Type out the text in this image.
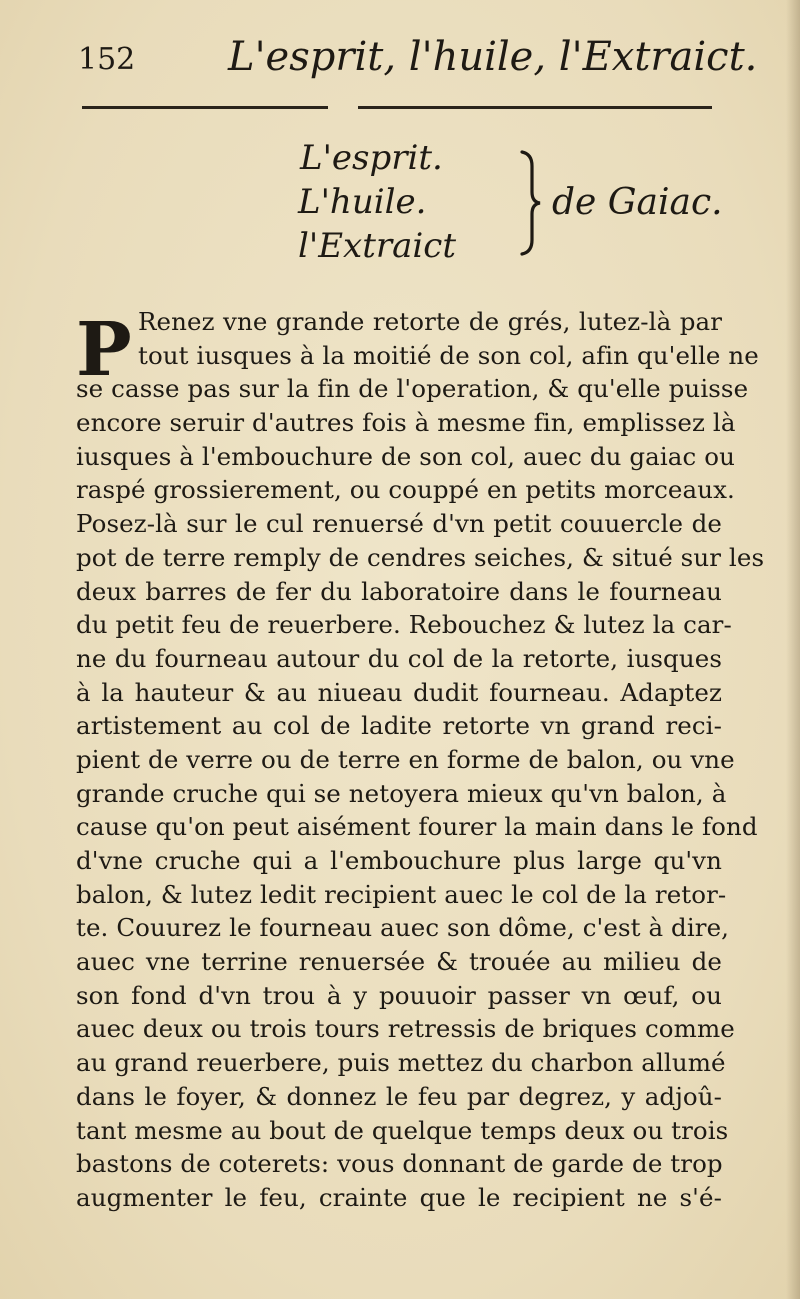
152 L'esprit, l'huile, l'Extraict.
L'esprit.
L'huile.
l'Extraict
de Gaiac.
P Renez vne grande retorte de grés, lutez-là par
tout iusques à la moitié de son col, afin qu'elle ne
se casse pas sur la fin de l'operation, & qu'elle puisse
encore seruir d'autres fois à mesme fin, emplissez là
iusques à l'embouchure de son col, auec du gaiac ou
raspé grossierement, ou couppé en petits morceaux.
Posez-là sur le cul renuersé d'vn petit couuercle de
pot de terre remply de cendres seiches, & situé sur les
deux barres de fer du laboratoire dans le fourneau
du petit feu de reuerbere. Rebouchez & lutez la car-
ne du fourneau autour du col de la retorte, iusques
à la hauteur & au niueau dudit fourneau. Adaptez
artistement au col de ladite retorte vn grand reci-
pient de verre ou de terre en forme de balon, ou vne
grande cruche qui se netoyera mieux qu'vn balon, à
cause qu'on peut aisément fourer la main dans le fond
d'vne cruche qui a l'embouchure plus large qu'vn
balon, & lutez ledit recipient auec le col de la retor-
te. Couurez le fourneau auec son dôme, c'est à dire,
auec vne terrine renuersée & trouée au milieu de
son fond d'vn trou à y pouuoir passer vn œuf, ou
auec deux ou trois tours retressis de briques comme
au grand reuerbere, puis mettez du charbon allumé
dans le foyer, & donnez le feu par degrez, y adjoû-
tant mesme au bout de quelque temps deux ou trois
bastons de coterets: vous donnant de garde de trop
augmenter le feu, crainte que le recipient ne s'é-
